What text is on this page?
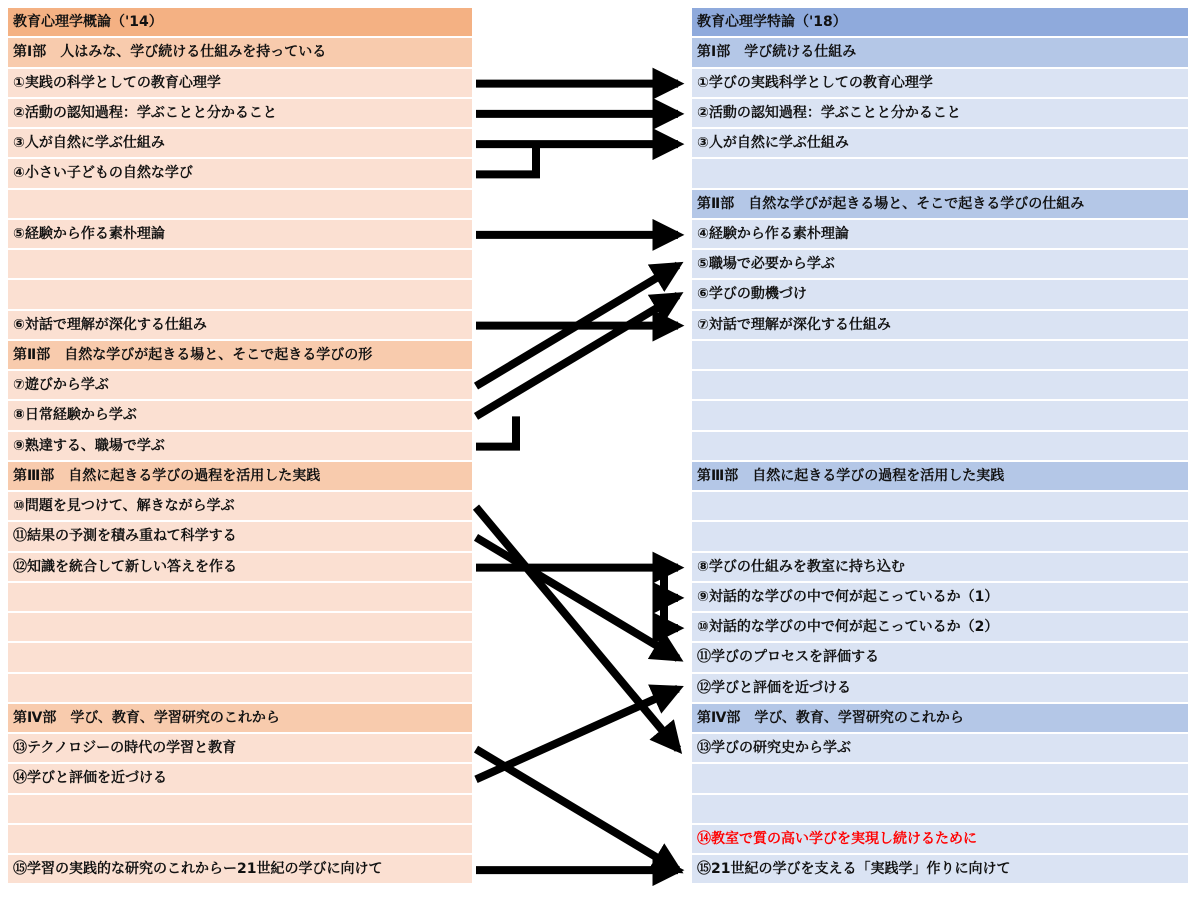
教育心理学概論（'14）
第Ⅰ部　人はみな、学び続ける仕組みを持っている
①実践の科学としての教育心理学
②活動の認知過程：学ぶことと分かること
③人が自然に学ぶ仕組み
④小さい子どもの自然な学び
⑤経験から作る素朴理論
⑥対話で理解が深化する仕組み
第Ⅱ部　自然な学びが起きる場と、そこで起きる学びの形
⑦遊びから学ぶ
⑧日常経験から学ぶ
⑨熟達する、職場で学ぶ
第Ⅲ部　自然に起きる学びの過程を活用した実践
⑩問題を見つけて、解きながら学ぶ
⑪結果の予測を積み重ねて科学する
⑫知識を統合して新しい答えを作る
第Ⅳ部　学び、教育、学習研究のこれから
⑬テクノロジーの時代の学習と教育
⑭学びと評価を近づける
⑮学習の実践的な研究のこれからー21世紀の学びに向けて
教育心理学特論（'18）
第Ⅰ部　学び続ける仕組み
①学びの実践科学としての教育心理学
②活動の認知過程：学ぶことと分かること
③人が自然に学ぶ仕組み
第Ⅱ部　自然な学びが起きる場と、そこで起きる学びの仕組み
④経験から作る素朴理論
⑤職場で必要から学ぶ
⑥学びの動機づけ
⑦対話で理解が深化する仕組み
第Ⅲ部　自然に起きる学びの過程を活用した実践
⑧学びの仕組みを教室に持ち込む
⑨対話的な学びの中で何が起こっているか（1）
⑩対話的な学びの中で何が起こっているか（2）
⑪学びのプロセスを評価する
⑫学びと評価を近づける
第Ⅳ部　学び、教育、学習研究のこれから
⑬学びの研究史から学ぶ
⑭教室で質の高い学びを実現し続けるために
⑮21世紀の学びを支える「実践学」作りに向けて
